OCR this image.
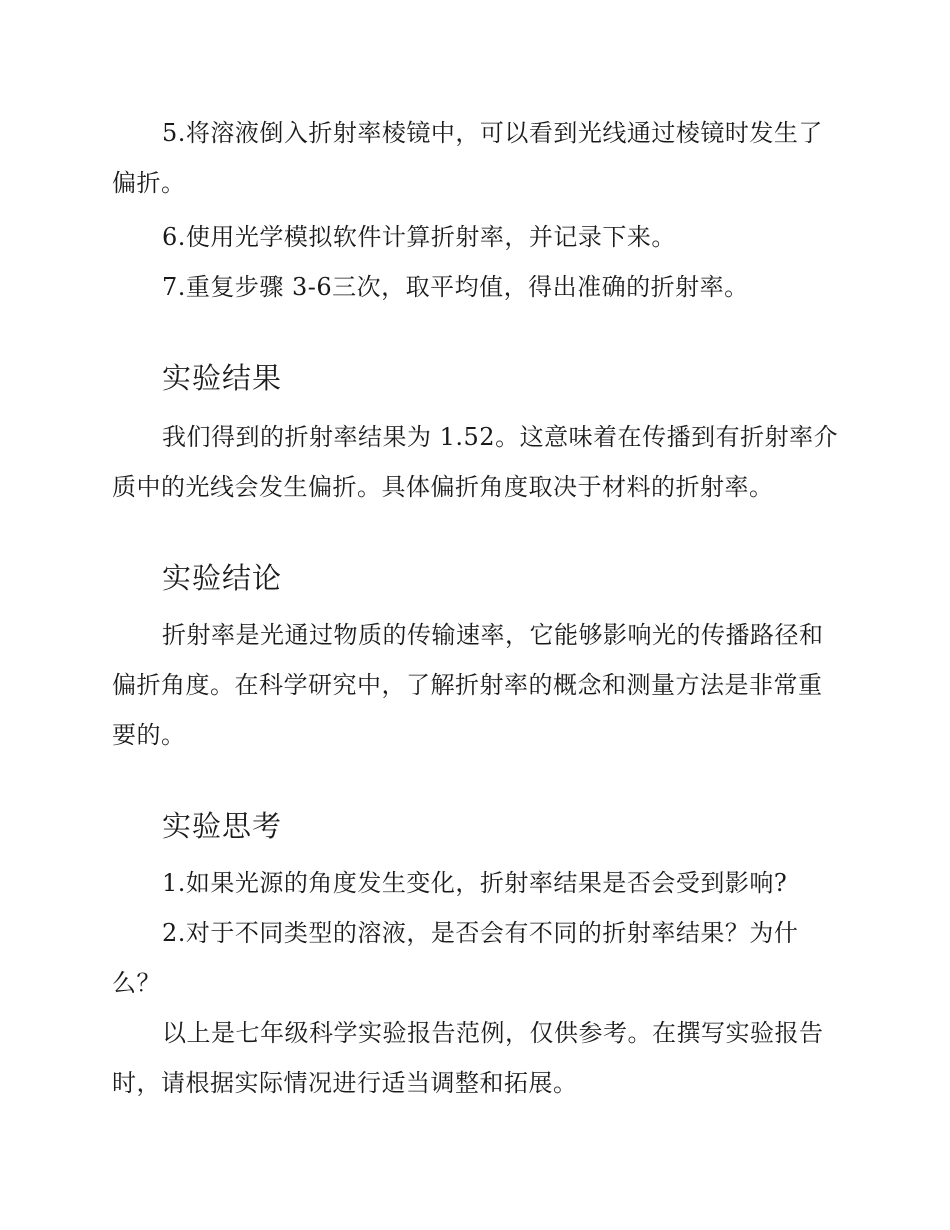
5.将溶液倒入折射率棱镜中，可以看到光线通过棱镜时发生了偏折。

6.使用光学模拟软件计算折射率，并记录下来。

7.重复步骤 3-6三次，取平均值，得出准确的折射率。

实验结果

我们得到的折射率结果为 1.52。这意味着在传播到有折射率介质中的光线会发生偏折。具体偏折角度取决于材料的折射率。

实验结论

折射率是光通过物质的传输速率，它能够影响光的传播路径和偏折角度。在科学研究中，了解折射率的概念和测量方法是非常重要的。

实验思考

1.如果光源的角度发生变化，折射率结果是否会受到影响?

2.对于不同类型的溶液，是否会有不同的折射率结果？为什么？

以上是七年级科学实验报告范例，仅供参考。在撰写实验报告时，请根据实际情况进行适当调整和拓展。
